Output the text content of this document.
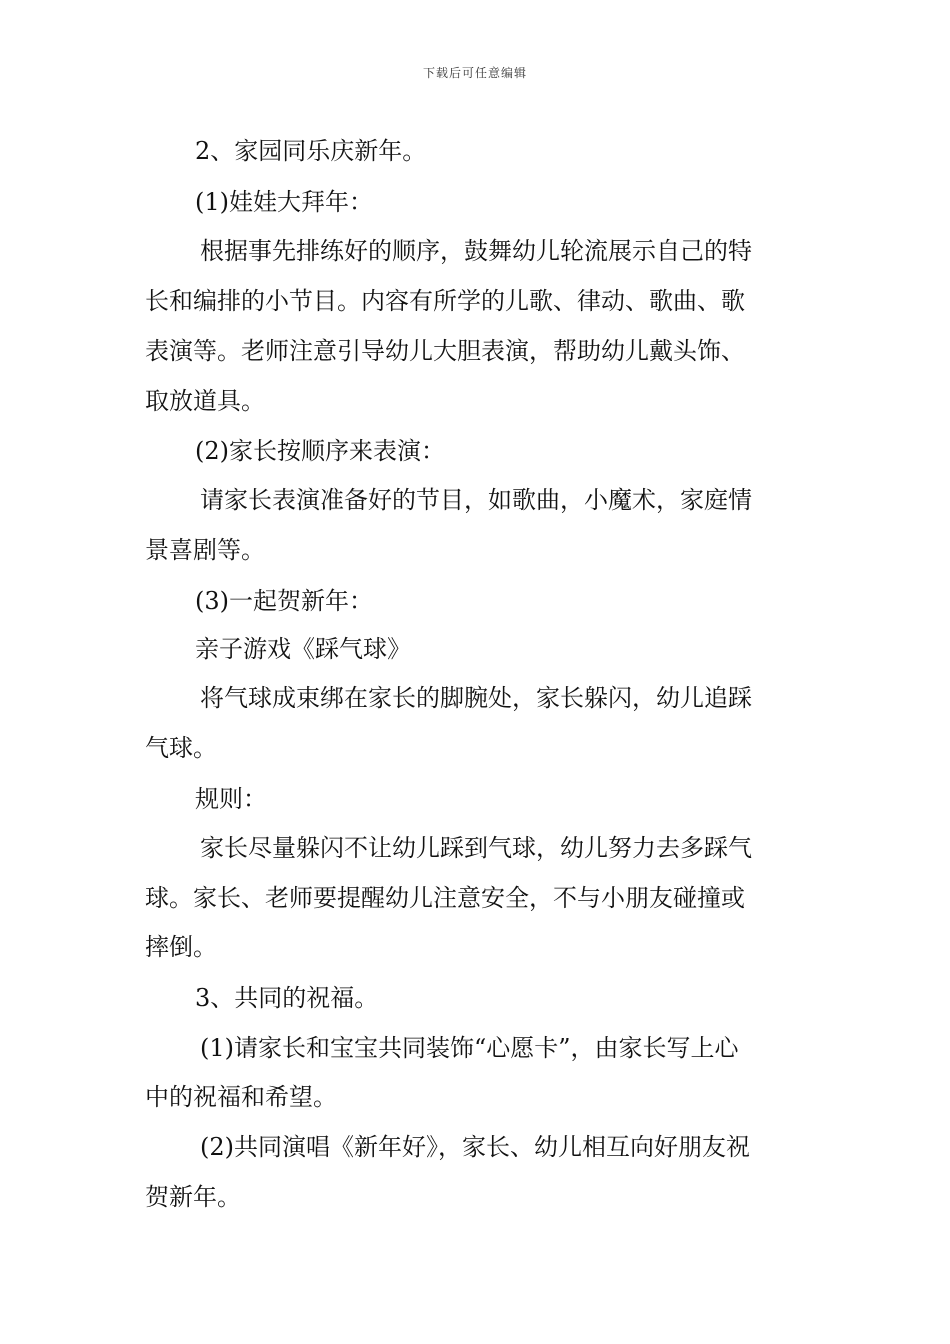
下载后可任意编辑
2、家园同乐庆新年。
(1)娃娃大拜年：
根据事先排练好的顺序，鼓舞幼儿轮流展示自己的特
长和编排的小节目。内容有所学的儿歌、律动、歌曲、歌
表演等。老师注意引导幼儿大胆表演，帮助幼儿戴头饰、
取放道具。
(2)家长按顺序来表演：
请家长表演准备好的节目，如歌曲，小魔术，家庭情
景喜剧等。
(3)一起贺新年：
亲子游戏《踩气球》
将气球成束绑在家长的脚腕处，家长躲闪，幼儿追踩
气球。
规则：
家长尽量躲闪不让幼儿踩到气球，幼儿努力去多踩气
球。家长、老师要提醒幼儿注意安全，不与小朋友碰撞或
摔倒。
3、共同的祝福。
(1)请家长和宝宝共同装饰“心愿卡”，由家长写上心
中的祝福和希望。
(2)共同演唱《新年好》，家长、幼儿相互向好朋友祝
贺新年。
